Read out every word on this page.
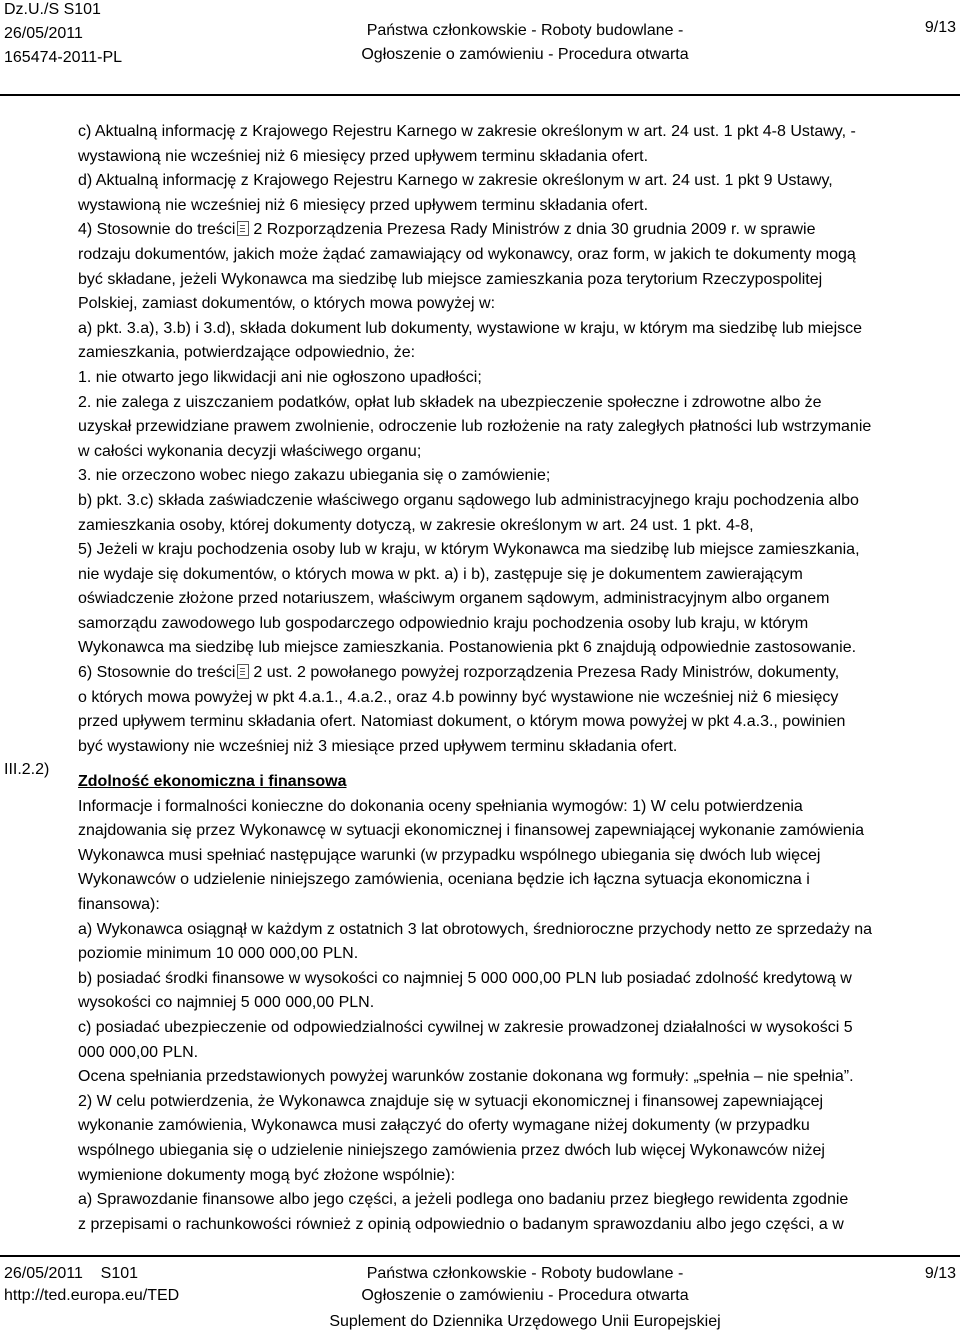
Dz.U./S S101
26/05/2011
165474-2011-PL
Państwa członkowskie - Roboty budowlane -
Ogłoszenie o zamówieniu - Procedura otwarta
9/13
c) Aktualną informację z Krajowego Rejestru Karnego w zakresie określonym w art. 24 ust. 1 pkt 4-8 Ustawy, -
wystawioną nie wcześniej niż 6 miesięcy przed upływem terminu składania ofert.
d) Aktualną informację z Krajowego Rejestru Karnego w zakresie określonym w art. 24 ust. 1 pkt 9 Ustawy,
wystawioną nie wcześniej niż 6 miesięcy przed upływem terminu składania ofert.
4) Stosownie do treści 2 Rozporządzenia Prezesa Rady Ministrów z dnia 30 grudnia 2009 r. w sprawie
rodzaju dokumentów, jakich może żądać zamawiający od wykonawcy, oraz form, w jakich te dokumenty mogą
być składane, jeżeli Wykonawca ma siedzibę lub miejsce zamieszkania poza terytorium Rzeczypospolitej
Polskiej, zamiast dokumentów, o których mowa powyżej w:
a) pkt. 3.a), 3.b) i 3.d), składa dokument lub dokumenty, wystawione w kraju, w którym ma siedzibę lub miejsce
zamieszkania, potwierdzające odpowiednio, że:
1. nie otwarto jego likwidacji ani nie ogłoszono upadłości;
2. nie zalega z uiszczaniem podatków, opłat lub składek na ubezpieczenie społeczne i zdrowotne albo że
uzyskał przewidziane prawem zwolnienie, odroczenie lub rozłożenie na raty zaległych płatności lub wstrzymanie
w całości wykonania decyzji właściwego organu;
3. nie orzeczono wobec niego zakazu ubiegania się o zamówienie;
b) pkt. 3.c) składa zaświadczenie właściwego organu sądowego lub administracyjnego kraju pochodzenia albo
zamieszkania osoby, której dokumenty dotyczą, w zakresie określonym w art. 24 ust. 1 pkt. 4-8,
5) Jeżeli w kraju pochodzenia osoby lub w kraju, w którym Wykonawca ma siedzibę lub miejsce zamieszkania,
nie wydaje się dokumentów, o których mowa w pkt. a) i b), zastępuje się je dokumentem zawierającym
oświadczenie złożone przed notariuszem, właściwym organem sądowym, administracyjnym albo organem
samorządu zawodowego lub gospodarczego odpowiednio kraju pochodzenia osoby lub kraju, w którym
Wykonawca ma siedzibę lub miejsce zamieszkania. Postanowienia pkt 6 znajdują odpowiednie zastosowanie.
6) Stosownie do treści 2 ust. 2 powołanego powyżej rozporządzenia Prezesa Rady Ministrów, dokumenty,
o których mowa powyżej w pkt 4.a.1., 4.a.2., oraz 4.b powinny być wystawione nie wcześniej niż 6 miesięcy
przed upływem terminu składania ofert. Natomiast dokument, o którym mowa powyżej w pkt 4.a.3., powinien
być wystawiony nie wcześniej niż 3 miesiące przed upływem terminu składania ofert.
III.2.2)
Zdolność ekonomiczna i finansowa
Informacje i formalności konieczne do dokonania oceny spełniania wymogów: 1) W celu potwierdzenia
znajdowania się przez Wykonawcę w sytuacji ekonomicznej i finansowej zapewniającej wykonanie zamówienia
Wykonawca musi spełniać następujące warunki (w przypadku wspólnego ubiegania się dwóch lub więcej
Wykonawców o udzielenie niniejszego zamówienia, oceniana będzie ich łączna sytuacja ekonomiczna i
finansowa):
a) Wykonawca osiągnął w każdym z ostatnich 3 lat obrotowych, średnioroczne przychody netto ze sprzedaży na
poziomie minimum 10 000 000,00 PLN.
b) posiadać środki finansowe w wysokości co najmniej 5 000 000,00 PLN lub posiadać zdolność kredytową w
wysokości co najmniej 5 000 000,00 PLN.
c) posiadać ubezpieczenie od odpowiedzialności cywilnej w zakresie prowadzonej działalności w wysokości 5
000 000,00 PLN.
Ocena spełniania przedstawionych powyżej warunków zostanie dokonana wg formuły: „spełnia – nie spełnia”.
2) W celu potwierdzenia, że Wykonawca znajduje się w sytuacji ekonomicznej i finansowej zapewniającej
wykonanie zamówienia, Wykonawca musi załączyć do oferty wymagane niżej dokumenty (w przypadku
wspólnego ubiegania się o udzielenie niniejszego zamówienia przez dwóch lub więcej Wykonawców niżej
wymienione dokumenty mogą być złożone wspólnie):
a) Sprawozdanie finansowe albo jego części, a jeżeli podlega ono badaniu przez biegłego rewidenta zgodnie
z przepisami o rachunkowości również z opinią odpowiednio o badanym sprawozdaniu albo jego części, a w
26/05/2011    S101
http://ted.europa.eu/TED
Państwa członkowskie - Roboty budowlane -
Ogłoszenie o zamówieniu - Procedura otwarta
Suplement do Dziennika Urzędowego Unii Europejskiej
9/13
